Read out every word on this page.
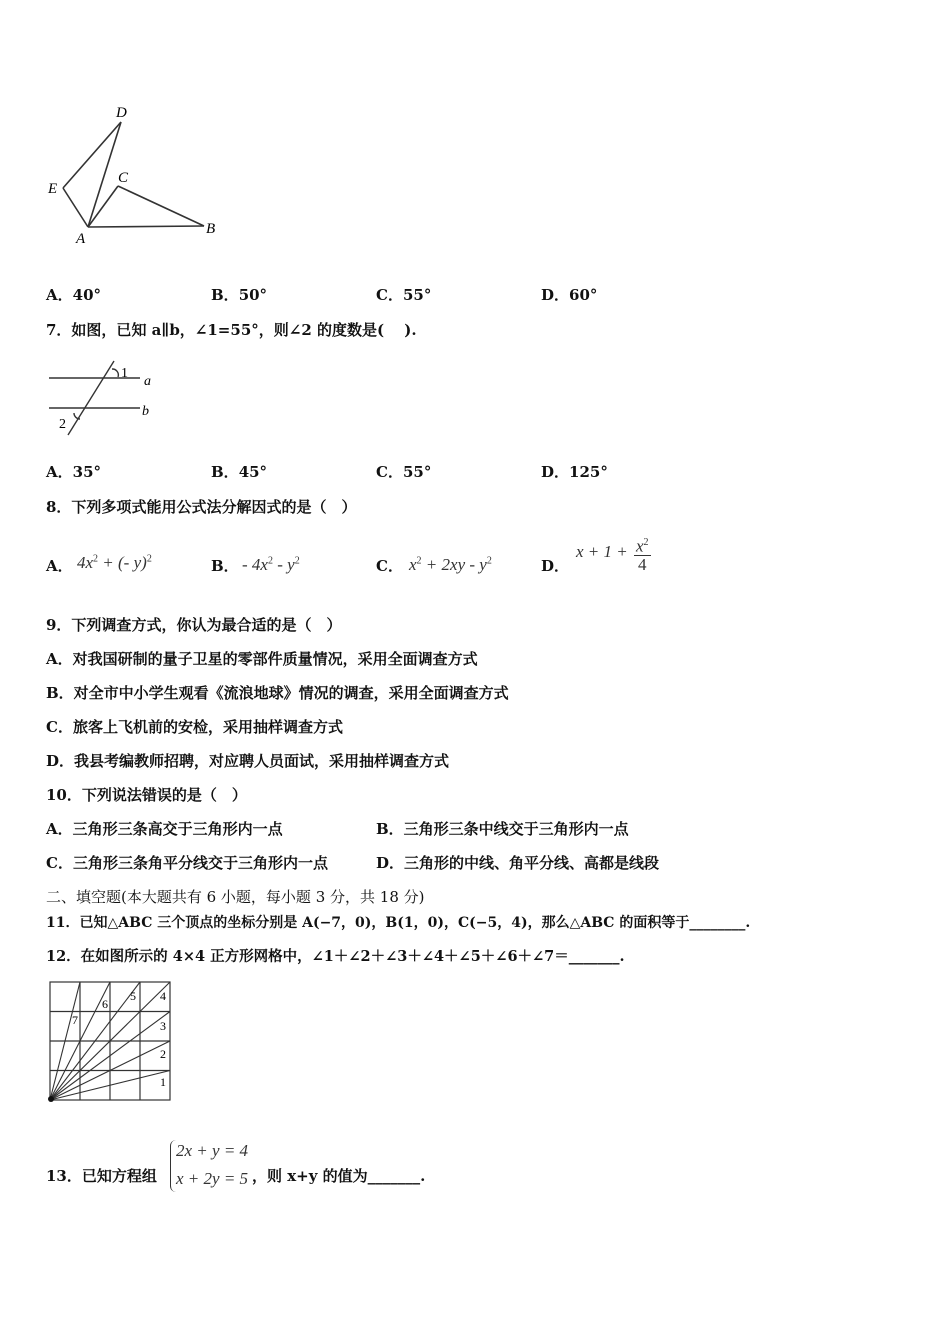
D
E
C
A
B
A．40°	B．50°	C．55°	D．60°
7．如图，已知 a∥b，∠1=55°，则∠2 的度数是(　 ).
1
a
b
2
A．35°	B．45°	C．55°	D．125°
8．下列多项式能用公式法分解因式的是（　）
A． $4x^2$ + (- y)$^2$	B． - $4x^2 - y^2$	C． $x^2 + 2xy - y^2$	D．
$x + 1 + \frac{x^2}{4}$
9．下列调查方式，你认为最合适的是（　）
A．对我国研制的量子卫星的零部件质量情况，采用全面调查方式
B．对全市中小学生观看《流浪地球》情况的调查，采用全面调查方式
C．旅客上飞机前的安检，采用抽样调查方式
D．我县考编教师招聘，对应聘人员面试，采用抽样调查方式
10．下列说法错误的是（　）
A．三角形三条高交于三角形内一点	B．三角形三条中线交于三角形内一点
C．三角形三条角平分线交于三角形内一点	D．三角形的中线、角平分线、高都是线段
二、填空题(本大题共有 6 小题，每小题 3 分，共 18 分)
11．已知△ABC 三个顶点的坐标分别是 A(−7，0)，B(1，0)，C(−5，4)，那么△ABC 的面积等于________.
12．在如图所示的 4×4 正方形网格中，∠1＋∠2＋∠3＋∠4＋∠5＋∠6＋∠7＝_______.
1
2
3
4
5
6
7
13．已知方程组
2x + y = 4
x + 2y = 5 ，则 x+y 的值为_______.
